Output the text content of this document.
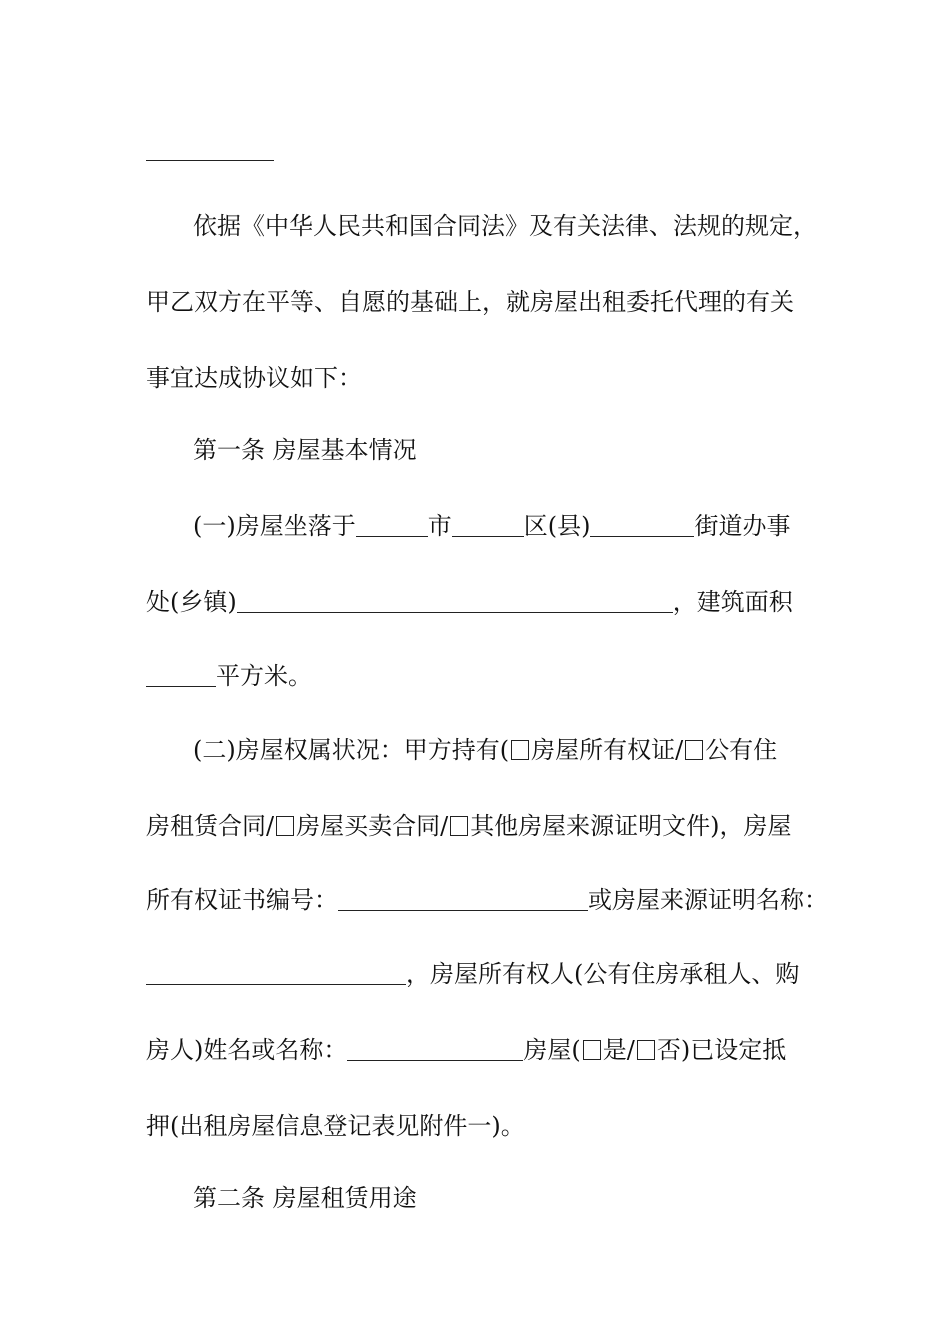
依据《中华人民共和国合同法》及有关法律、法规的规定，
甲乙双方在平等、自愿的基础上，就房屋出租委托代理的有关
事宜达成协议如下：
第一条 房屋基本情况
(一)房屋坐落于	市	区(县)	街道办事
处(乡镇)	，建筑面积
平方米。
(二)房屋权属状况：甲方持有( 房屋所有权证/ 公有住
房租赁合同/ 房屋买卖合同/ 其他房屋来源证明文件)，房屋
所有权证书编号：	或房屋来源证明名称：
，房屋所有权人(公有住房承租人、购
房人)姓名或名称：	房屋( 是/ 否)已设定抵
押(出租房屋信息登记表见附件一)。
第二条 房屋租赁用途
